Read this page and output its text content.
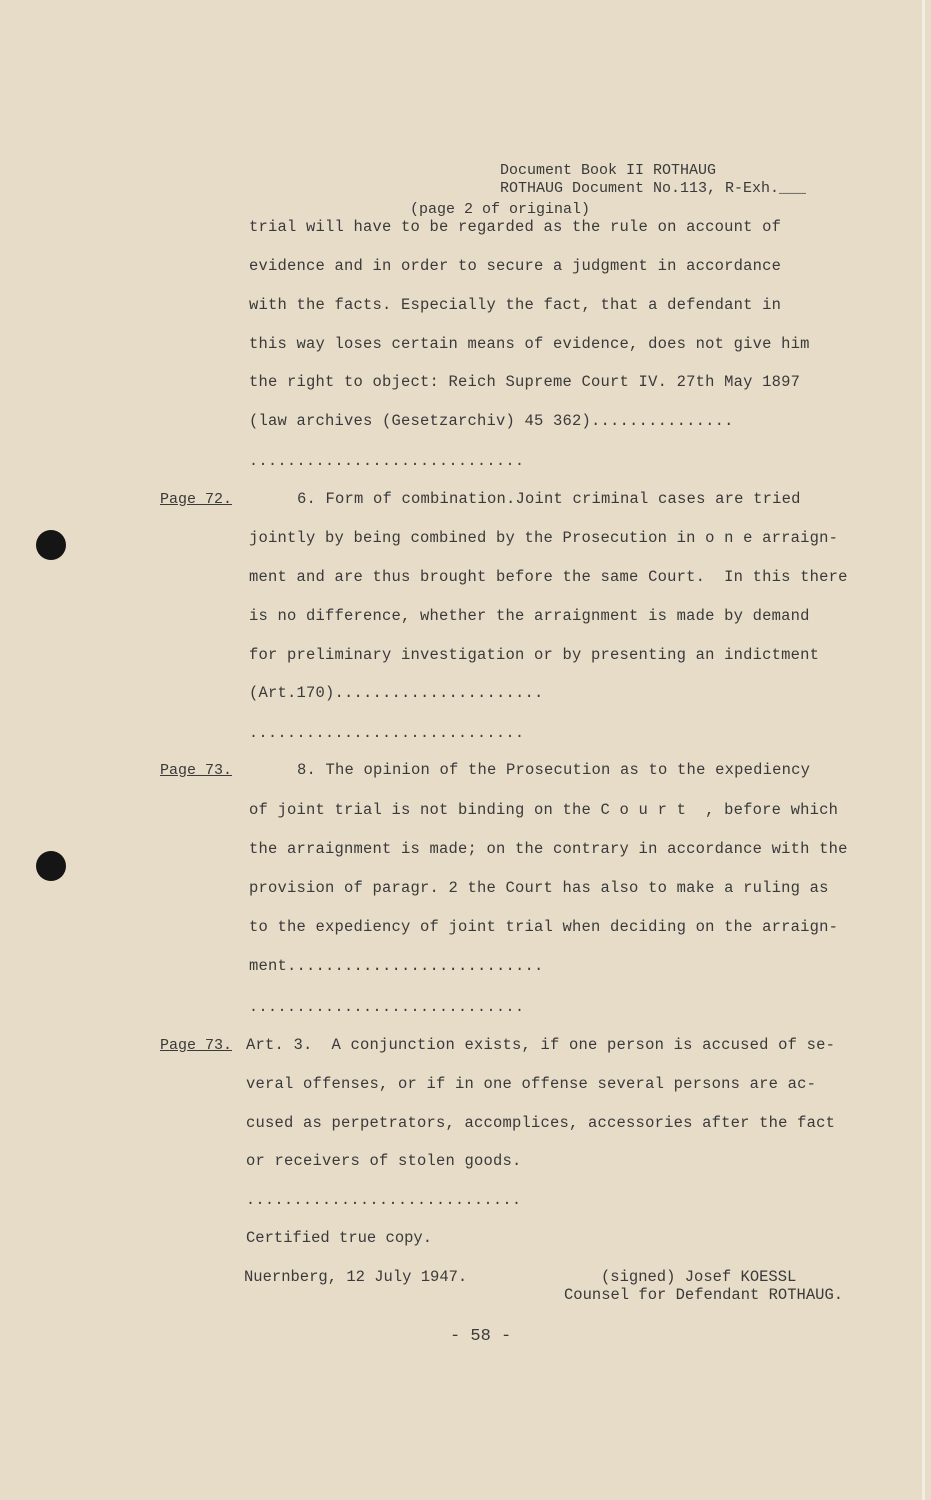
Document Book II ROTHAUG
ROTHAUG Document No.113, R-Exh.___
(page 2 of original)
trial will have to be regarded as the rule on account of
evidence and in order to secure a judgment in accordance
with the facts. Especially the fact, that a defendant in
this way loses certain means of evidence, does not give him
the right to object: Reich Supreme Court IV. 27th May 1897
(law archives (Gesetzarchiv) 45 362)...............
.............................
Page 72.	6. Form of combination.Joint criminal cases are tried
jointly by being combined by the Prosecution in o n e arraign-
ment and are thus brought before the same Court.  In this there
is no difference, whether the arraignment is made by demand
for preliminary investigation or by presenting an indictment
(Art.170)......................
.............................
Page 73.	8. The opinion of the Prosecution as to the expediency
of joint trial is not binding on the C o u r t  , before which
the arraignment is made; on the contrary in accordance with the
provision of paragr. 2 the Court has also to make a ruling as
to the expediency of joint trial when deciding on the arraign-
ment...........................
.............................
Page 73. Art. 3.  A conjunction exists, if one person is accused of se-
veral offenses, or if in one offense several persons are ac-
cused as perpetrators, accomplices, accessories after the fact
or receivers of stolen goods.
.............................
Certified true copy.
Nuernberg, 12 July 1947.	(signed) Josef KOESSL
Counsel for Defendant ROTHAUG.
- 58 -
